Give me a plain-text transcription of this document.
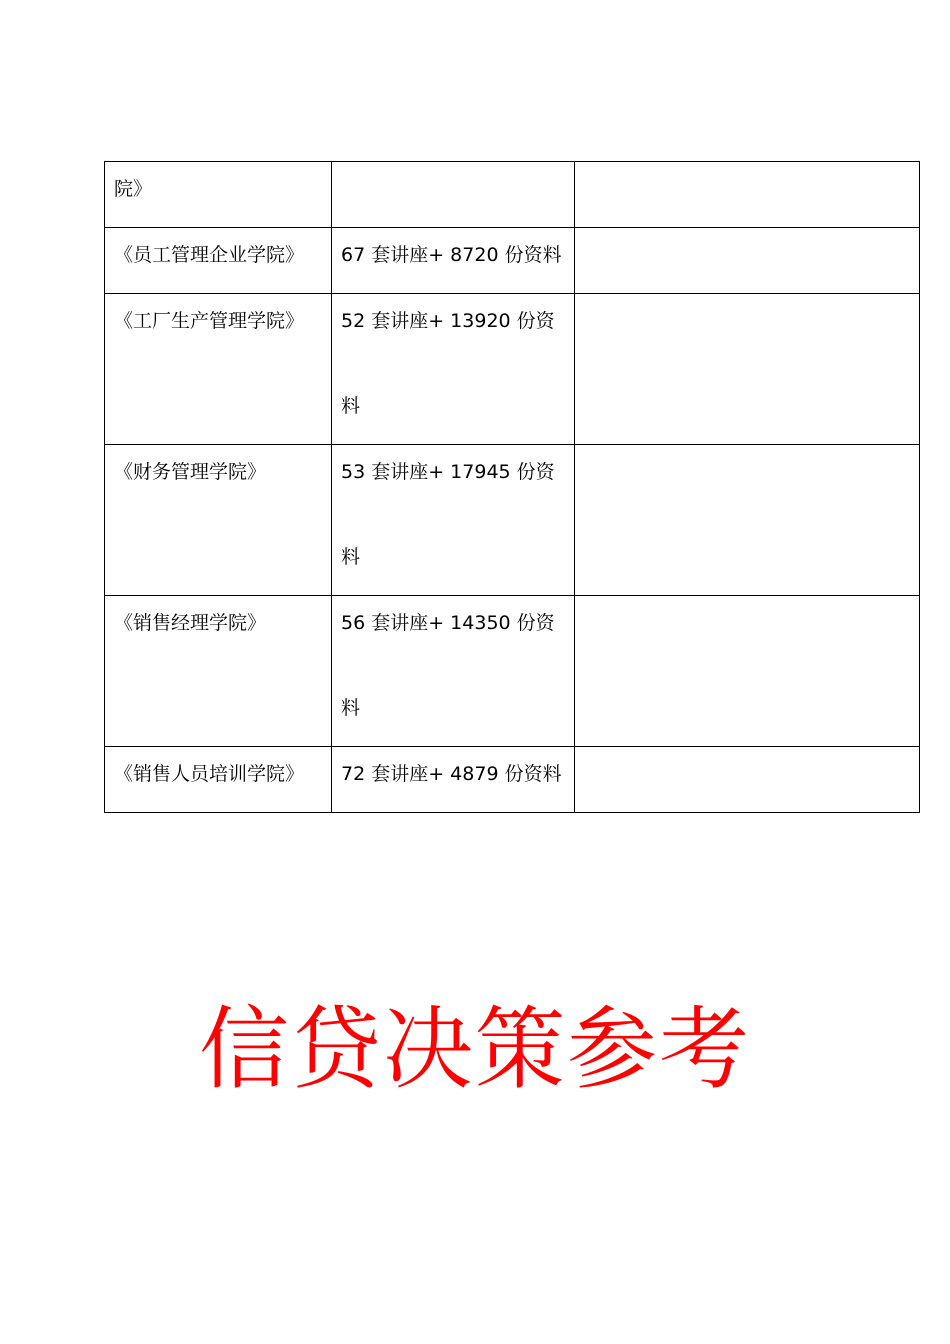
院》		
《员工管理企业学院》	67 套讲座+ 8720 份资料	
《工厂生产管理学院》	52 套讲座+ 13920 份资
料	

《财务管理学院》	53 套讲座+ 17945 份资
料	

《销售经理学院》	56 套讲座+ 14350 份资
料	

《销售人员培训学院》	72 套讲座+ 4879 份资料	
信贷决策参考
